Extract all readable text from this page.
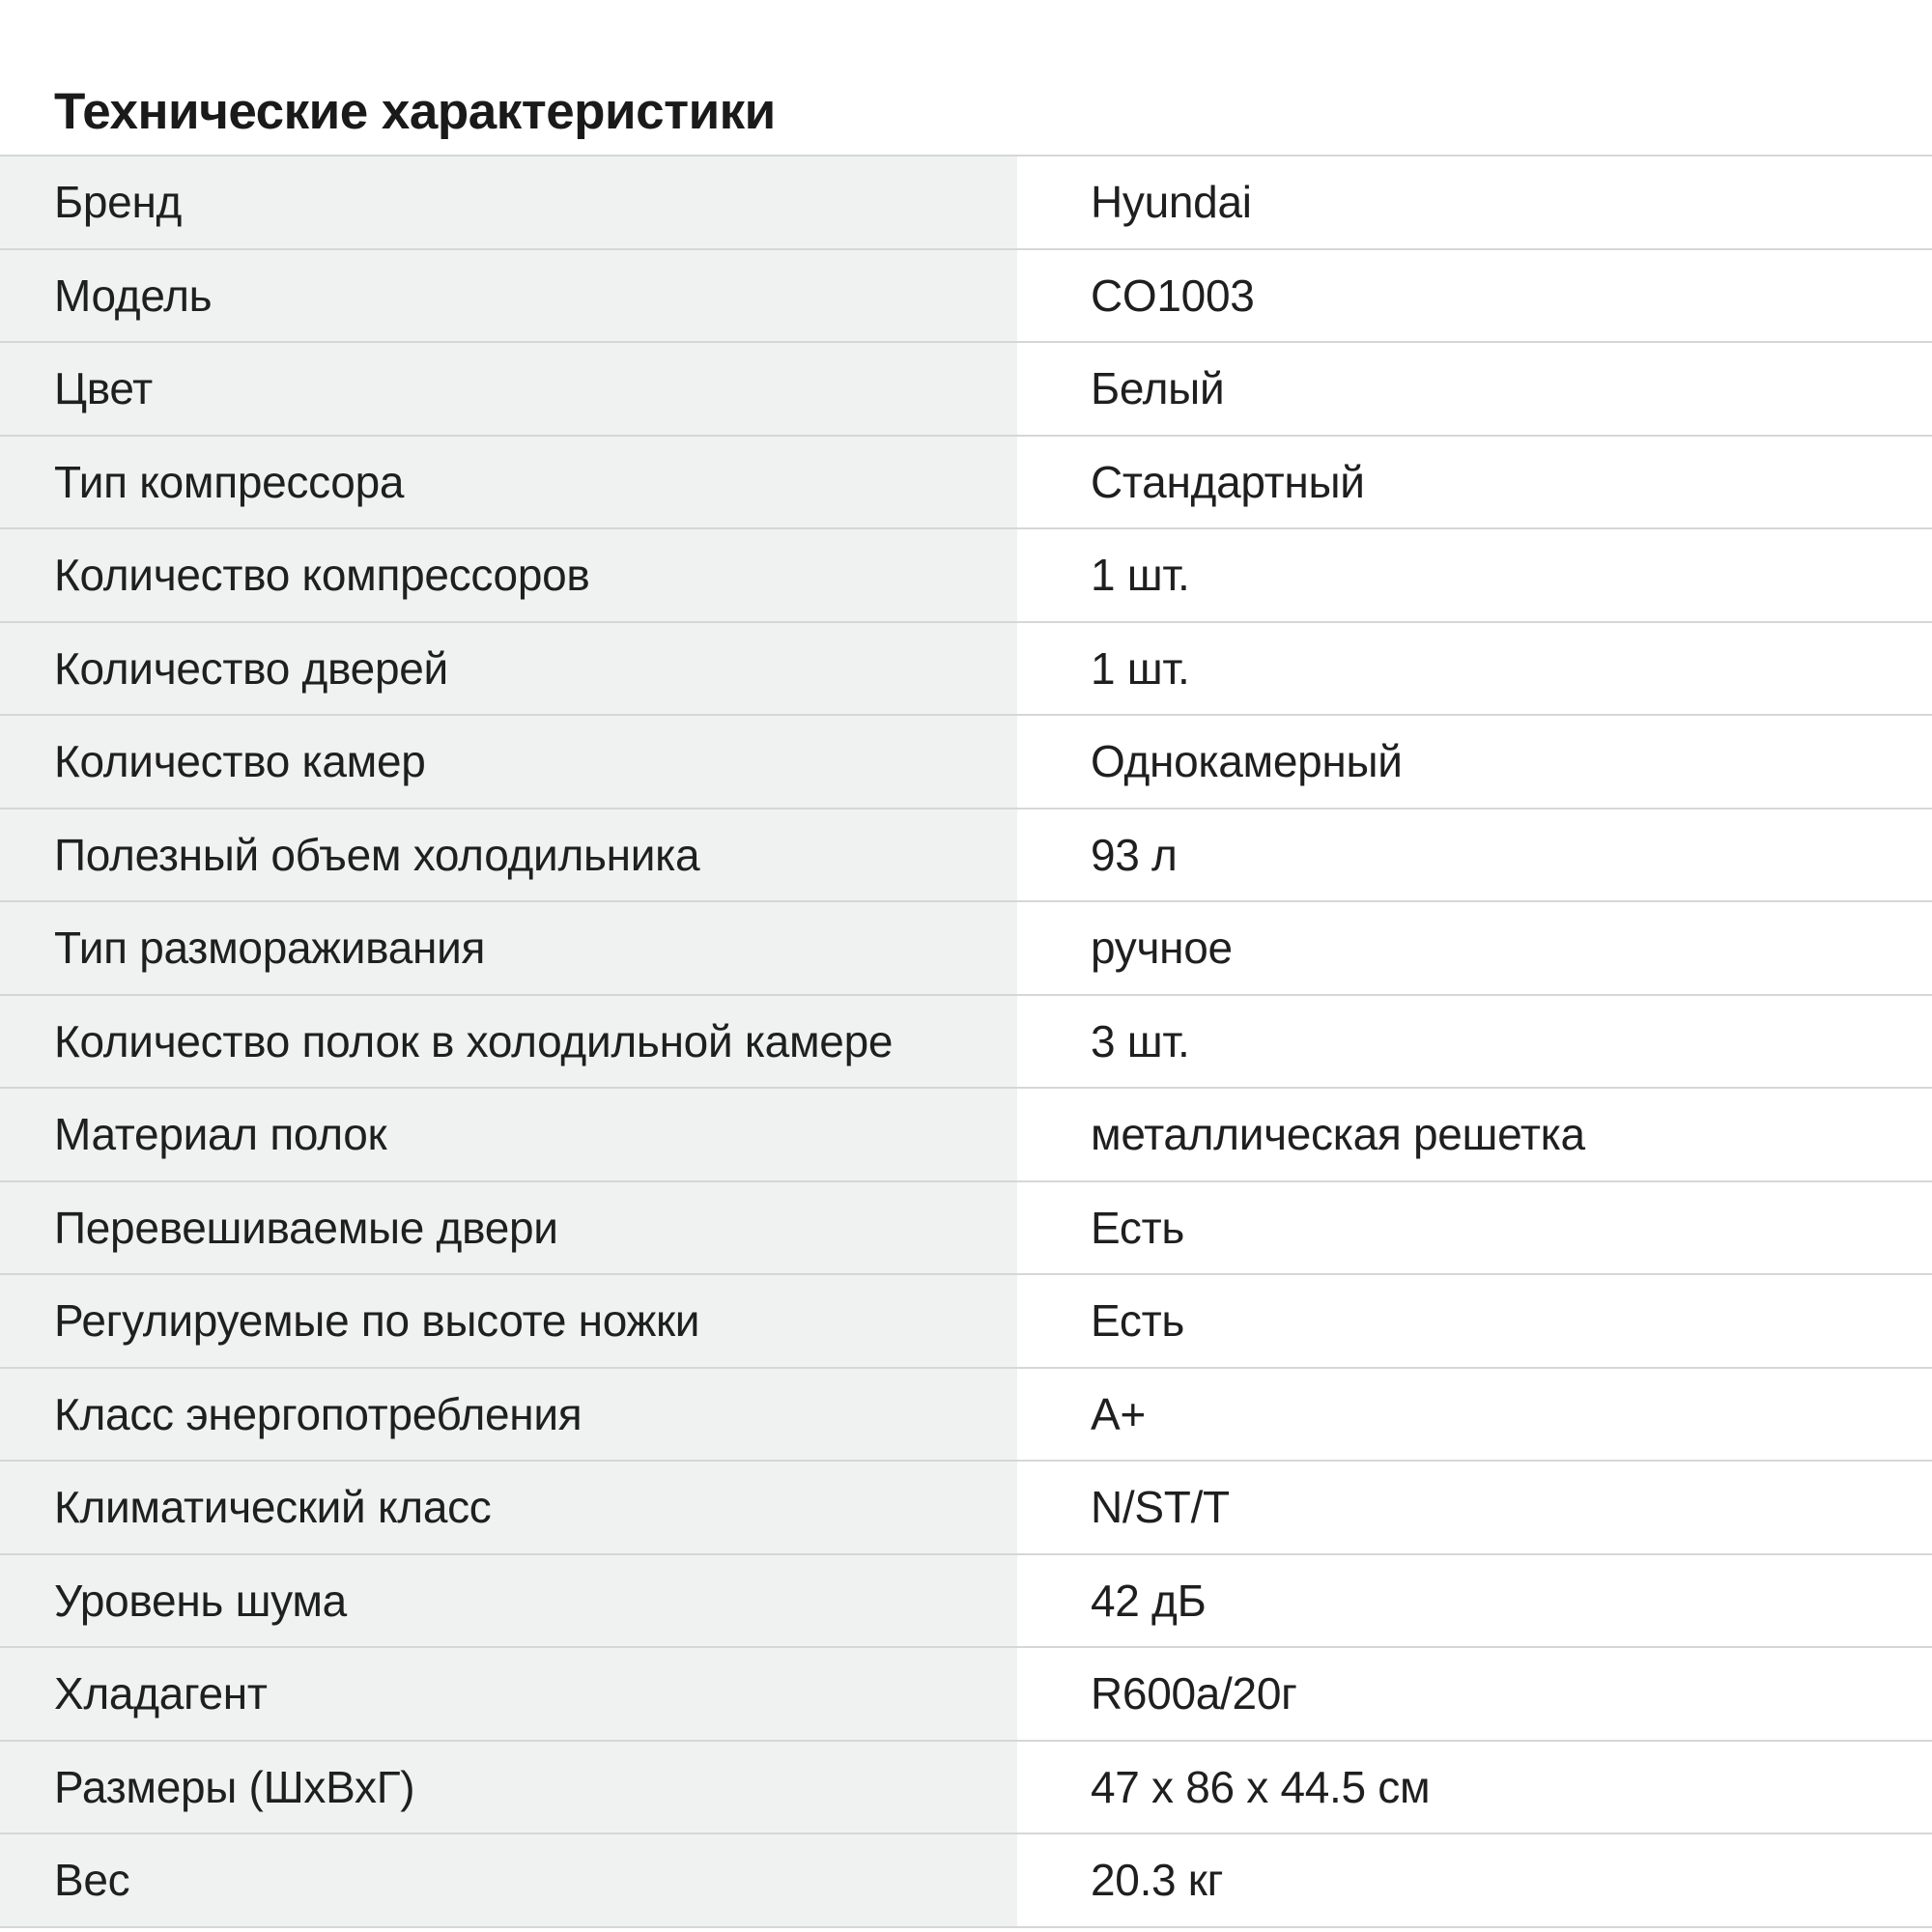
Технические характеристики
Бренд	Hyundai
Модель	CO1003
Цвет	Белый
Тип компрессора	Стандартный
Количество компрессоров	1 шт.
Количество дверей	1 шт.
Количество камер	Однокамерный
Полезный объем холодильника	93 л
Тип размораживания	ручное
Количество полок в холодильной камере	3 шт.
Материал полок	металлическая решетка
Перевешиваемые двери	Есть
Регулируемые по высоте ножки	Есть
Класс энергопотребления	A+
Климатический класс	N/ST/T
Уровень шума	42 дБ
Хладагент	R600a/20г
Размеры (ШхВхГ)	47 x 86 x 44.5 см
Вес	20.3 кг
